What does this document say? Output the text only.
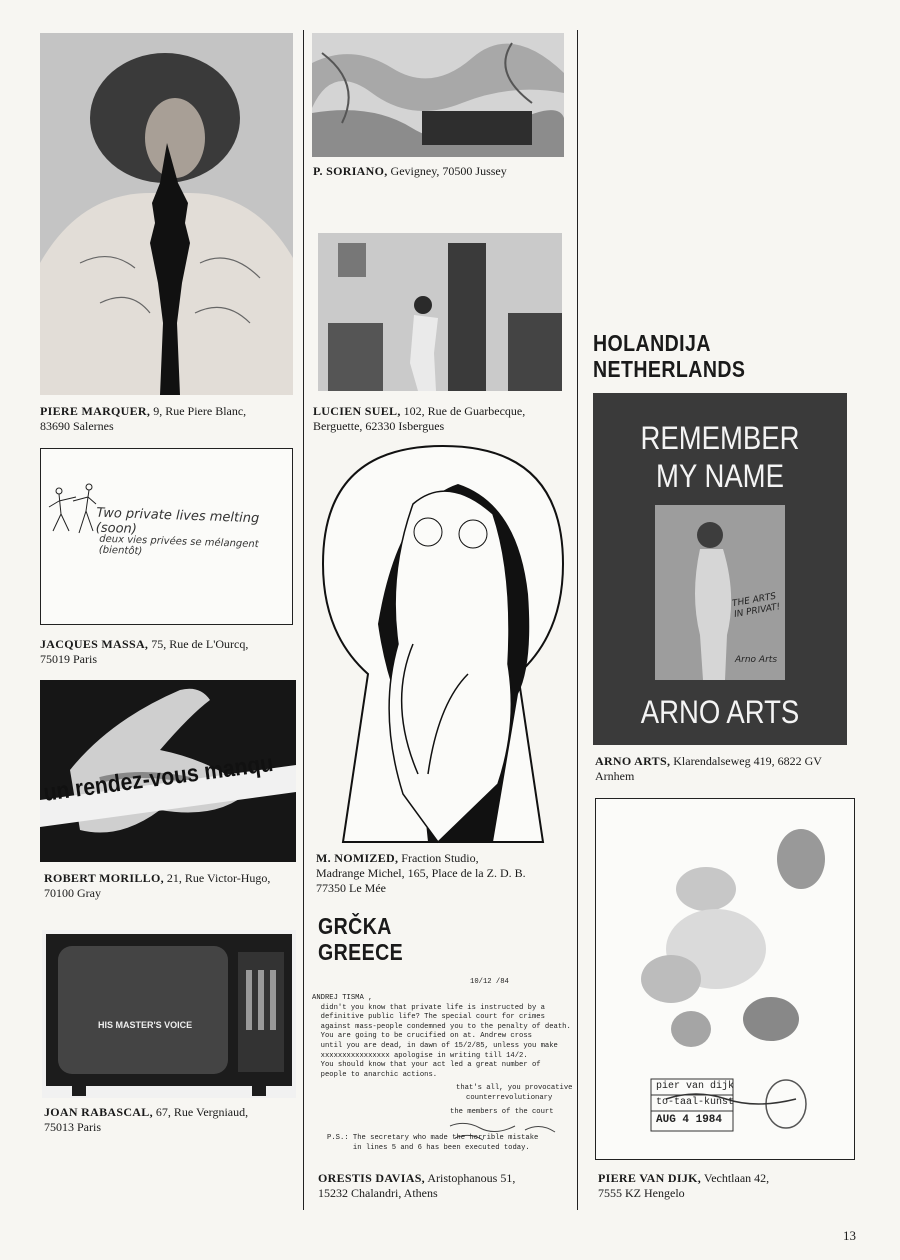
PIERE MARQUER, 9, Rue Piere Blanc,
83690 Salernes
Two private lives melting (soon)
deux vies privées se mélangent (bientôt)
JACQUES MASSA, 75, Rue de L'Ourcq,
75019 Paris
un rendez-vous manqu
ROBERT MORILLO, 21, Rue Victor-Hugo,
70100 Gray
HIS MASTER'S VOICE
JOAN RABASCAL, 67, Rue Vergniaud,
75013 Paris
P. SORIANO, Gevigney, 70500 Jussey
LUCIEN SUEL, 102, Rue de Guarbecque,
Berguette, 62330 Isbergues
M. NOMIZED, Fraction Studio,
Madrange Michel, 165, Place de la Z. D. B.
77350 Le Mée
GRČKA
GREECE
10/12 /84
ANDREJ TISMA ,
didn't you know that private life is instructed by a
definitive public life? The special court for crimes
against mass-people condemned you to the penalty of death.
You are going to be crucified on at. Andrew cross
until you are dead, in dawn of 15/2/85, unless you make
xxxxxxxxxxxxxxxx apologise in writing till 14/2.
You should know that your act led a great number of
people to anarchic actions.
that's all, you provocative
counterrevolutionary
the members of the court
P.S.: The secretary who made the horrible mistake
in lines 5 and 6 has been executed today.
ORESTIS DAVIAS, Aristophanous 51,
15232 Chalandri, Athens
HOLANDIJA
NETHERLANDS
REMEMBER
MY NAME
THE ARTS IN PRIVAT!
Arno Arts
ARNO ARTS
ARNO ARTS, Klarendalseweg 419, 6822 GV
Arnhem
pier van dijk
to-taal-kunst
AUG 4 1984
PIERE VAN DIJK, Vechtlaan 42,
7555 KZ Hengelo
13
